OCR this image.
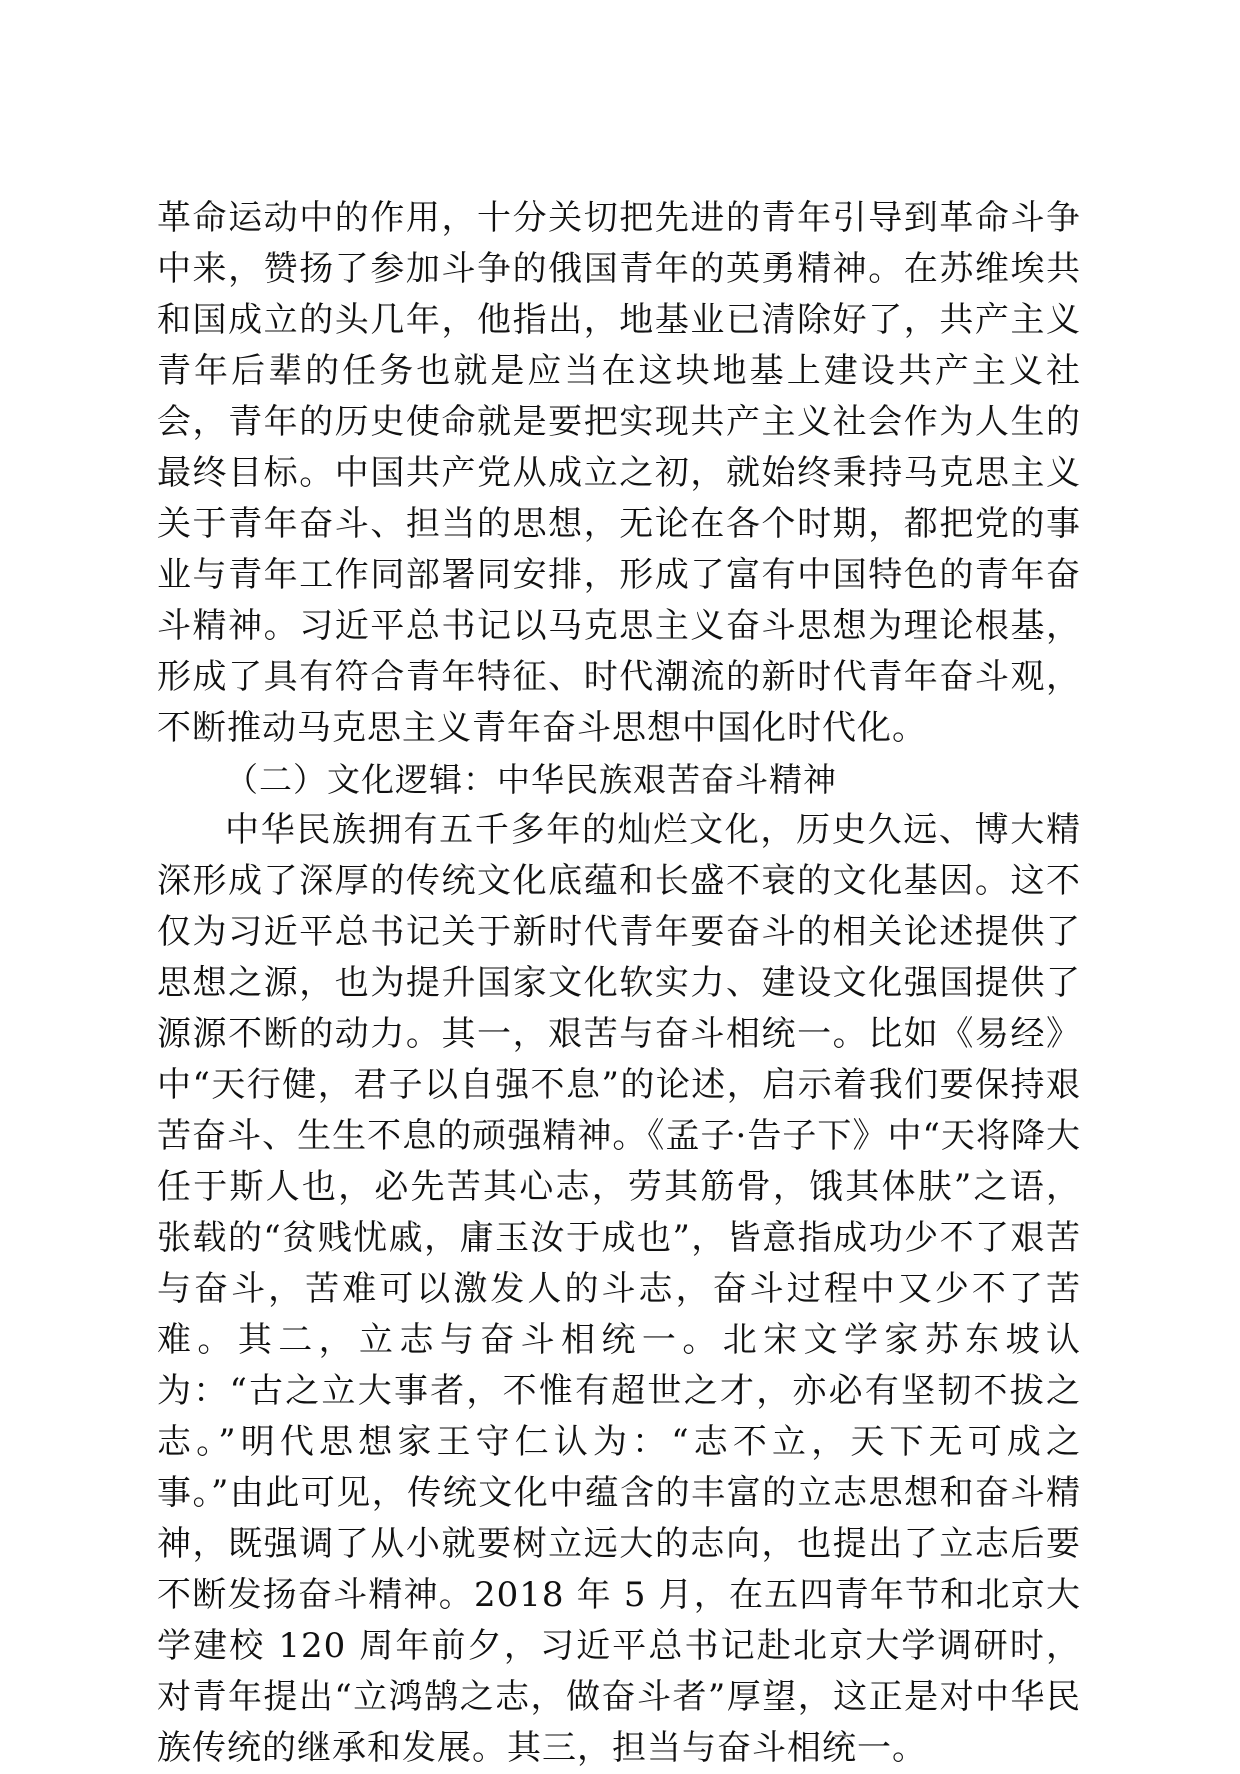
革命运动中的作用，十分关切把先进的青年引导到革命斗争中来，赞扬了参加斗争的俄国青年的英勇精神。在苏维埃共和国成立的头几年，他指出，地基业已清除好了，共产主义青年后辈的任务也就是应当在这块地基上建设共产主义社会，青年的历史使命就是要把实现共产主义社会作为人生的最终目标。中国共产党从成立之初，就始终秉持马克思主义关于青年奋斗、担当的思想，无论在各个时期，都把党的事业与青年工作同部署同安排，形成了富有中国特色的青年奋斗精神。习近平总书记以马克思主义奋斗思想为理论根基，形成了具有符合青年特征、时代潮流的新时代青年奋斗观，不断推动马克思主义青年奋斗思想中国化时代化。

（二）文化逻辑：中华民族艰苦奋斗精神

中华民族拥有五千多年的灿烂文化，历史久远、博大精深形成了深厚的传统文化底蕴和长盛不衰的文化基因。这不仅为习近平总书记关于新时代青年要奋斗的相关论述提供了思想之源，也为提升国家文化软实力、建设文化强国提供了源源不断的动力。其一，艰苦与奋斗相统一。比如《易经》中“天行健，君子以自强不息”的论述，启示着我们要保持艰苦奋斗、生生不息的顽强精神。《孟子·告子下》中“天将降大任于斯人也，必先苦其心志，劳其筋骨，饿其体肤”之语，张载的“贫贱忧戚，庸玉汝于成也”，皆意指成功少不了艰苦与奋斗，苦难可以激发人的斗志，奋斗过程中又少不了苦难。其二，立志与奋斗相统一。北宋文学家苏东坡认为：“古之立大事者，不惟有超世之才，亦必有坚韧不拔之志。”明代思想家王守仁认为：“志不立，天下无可成之事。”由此可见，传统文化中蕴含的丰富的立志思想和奋斗精神，既强调了从小就要树立远大的志向，也提出了立志后要不断发扬奋斗精神。2018 年 5 月，在五四青年节和北京大学建校 120 周年前夕，习近平总书记赴北京大学调研时，对青年提出“立鸿鹄之志，做奋斗者”厚望，这正是对中华民族传统的继承和发展。其三，担当与奋斗相统一。
